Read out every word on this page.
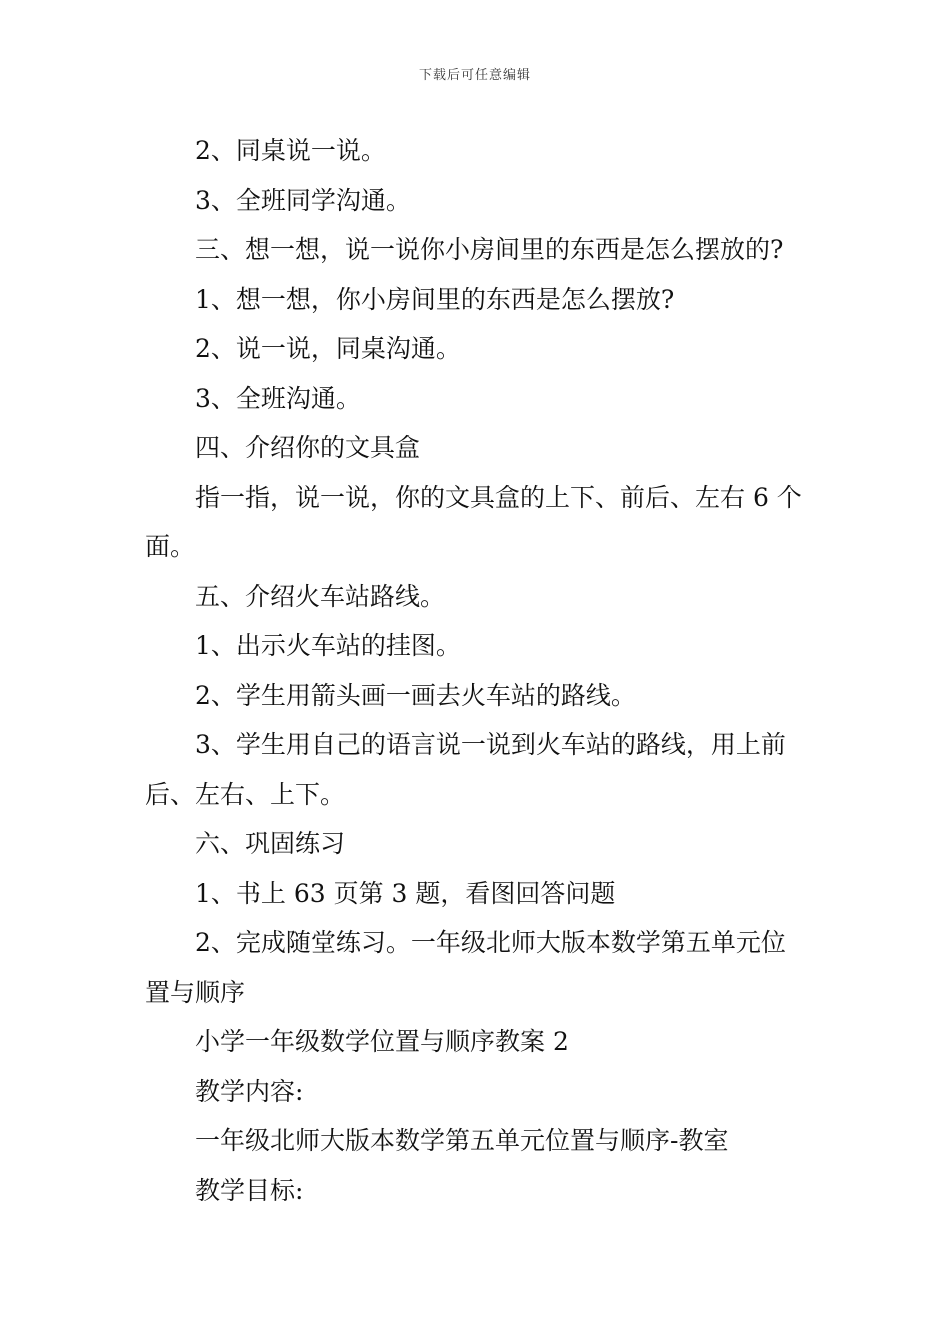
下载后可任意编辑

2、同桌说一说。

3、全班同学沟通。

三、想一想，说一说你小房间里的东西是怎么摆放的?

1、想一想，你小房间里的东西是怎么摆放?

2、说一说，同桌沟通。

3、全班沟通。

四、介绍你的文具盒

指一指，说一说，你的文具盒的上下、前后、左右 6 个面。

五、介绍火车站路线。

1、出示火车站的挂图。

2、学生用箭头画一画去火车站的路线。

3、学生用自己的语言说一说到火车站的路线，用上前后、左右、上下。

六、巩固练习

1、书上 63 页第 3 题，看图回答问题

2、完成随堂练习。一年级北师大版本数学第五单元位置与顺序

小学一年级数学位置与顺序教案 2

教学内容:

一年级北师大版本数学第五单元位置与顺序-教室

教学目标:
